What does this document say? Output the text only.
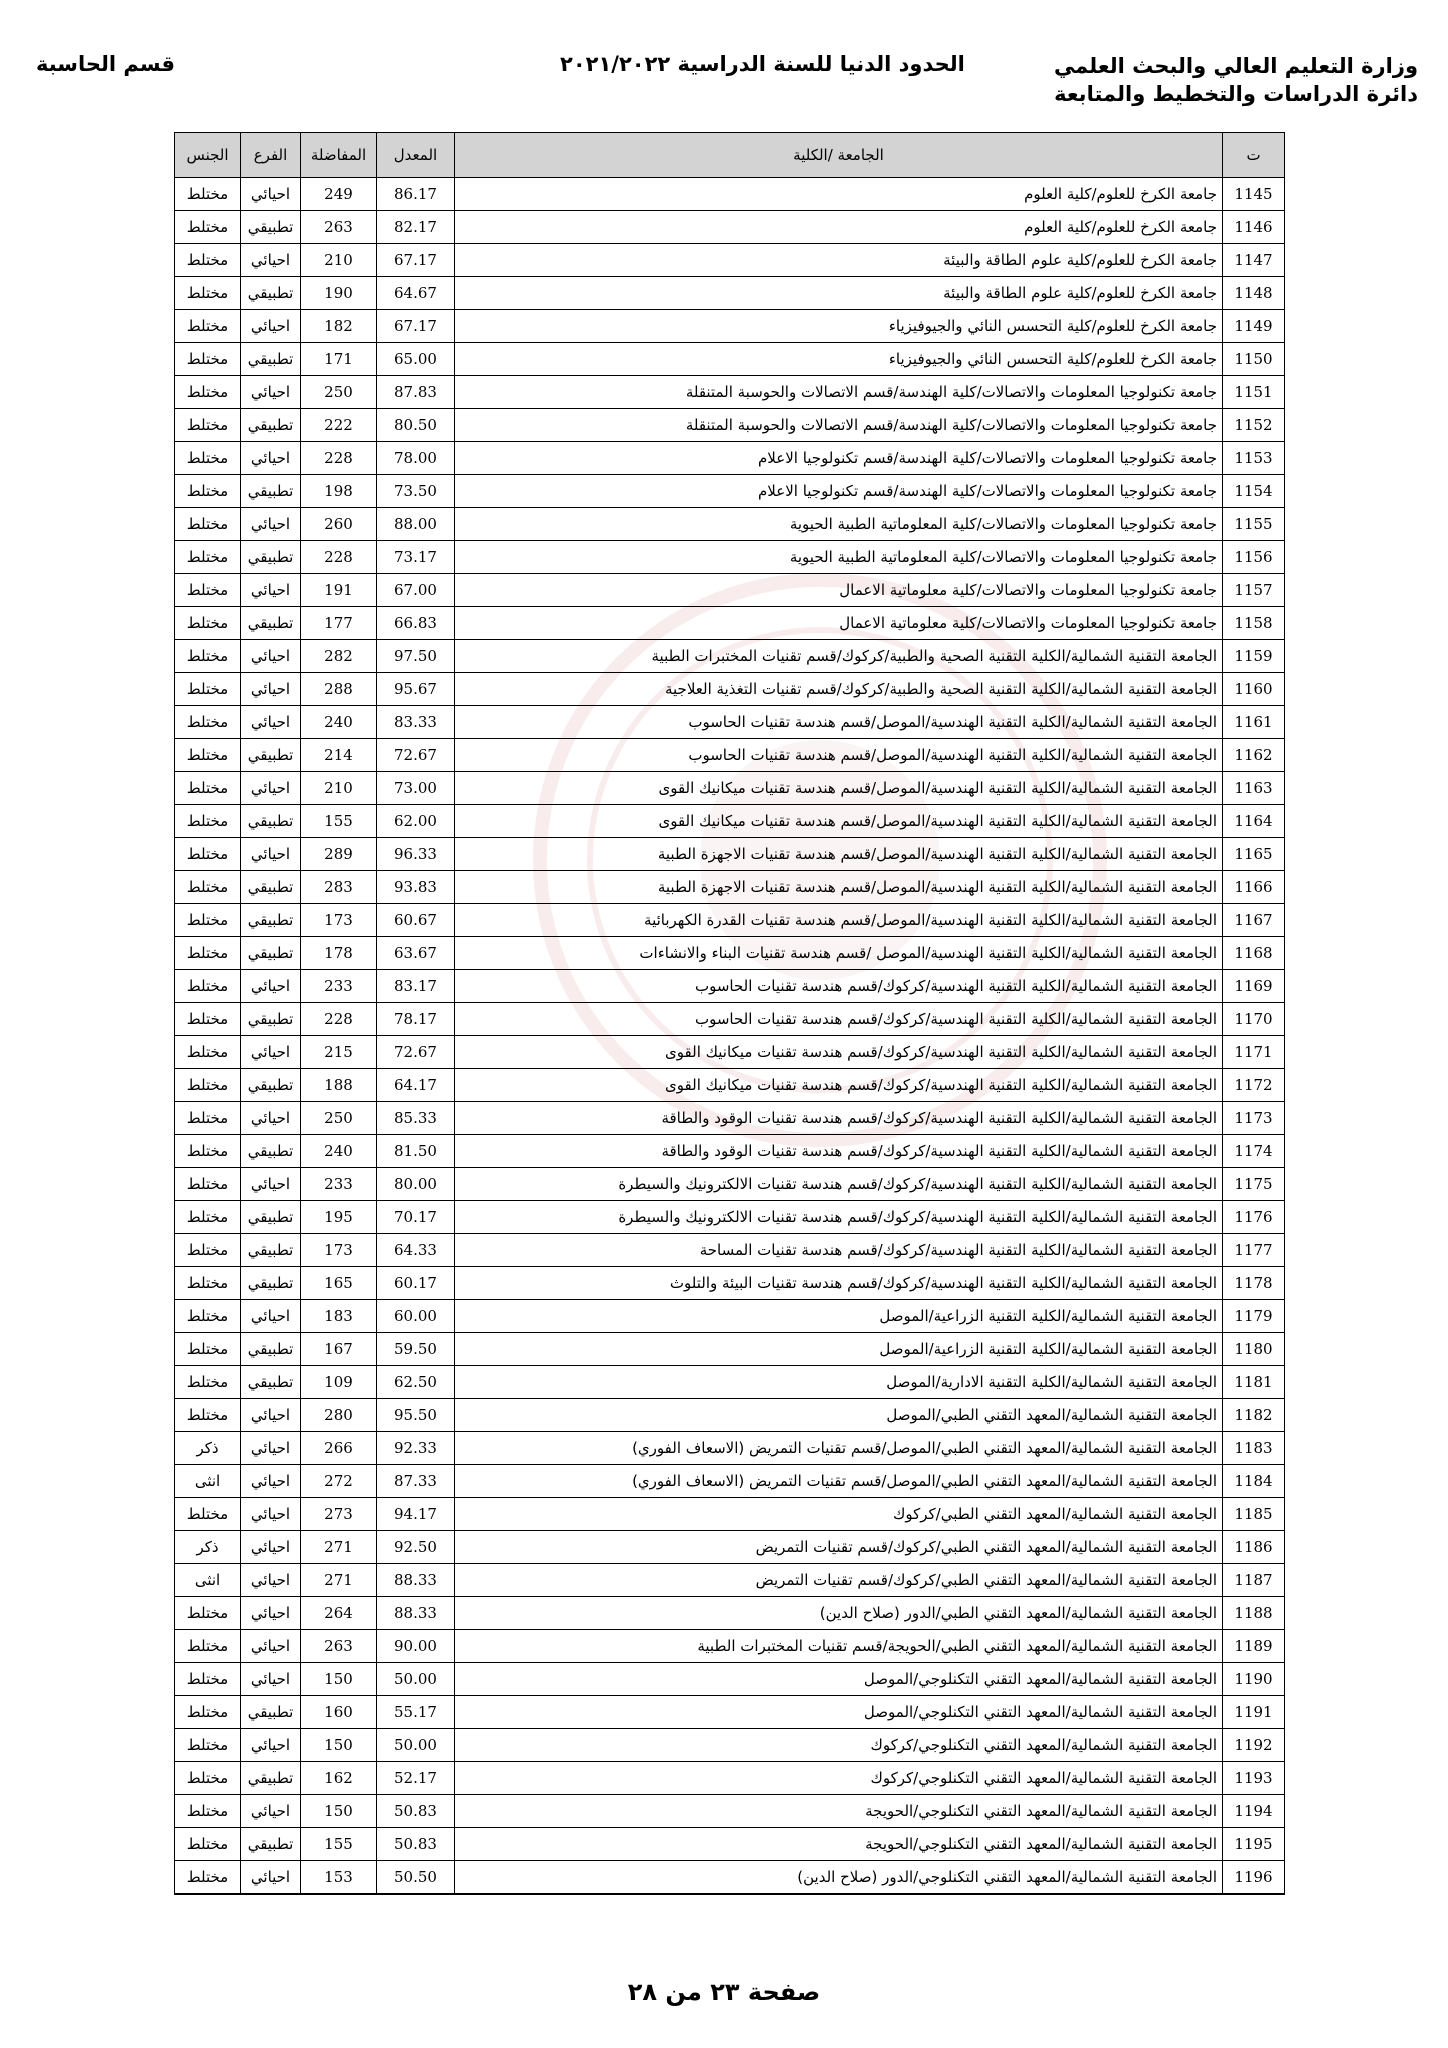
وزارة التعليم العالي والبحث العلمي
دائرة الدراسات والتخطيط والمتابعة
الحدود الدنيا للسنة الدراسية ٢٠٢١/٢٠٢٢
قسم الحاسبة
ت	الجامعة /الكلية	المعدل	المفاضلة	الفرع	الجنس
1145	جامعة الكرخ للعلوم/كلية العلوم	86.17	249	احيائي	مختلط
1146	جامعة الكرخ للعلوم/كلية العلوم	82.17	263	تطبيقي	مختلط
1147	جامعة الكرخ للعلوم/كلية علوم الطاقة والبيئة	67.17	210	احيائي	مختلط
1148	جامعة الكرخ للعلوم/كلية علوم الطاقة والبيئة	64.67	190	تطبيقي	مختلط
1149	جامعة الكرخ للعلوم/كلية التحسس النائي والجيوفيزياء	67.17	182	احيائي	مختلط
1150	جامعة الكرخ للعلوم/كلية التحسس النائي والجيوفيزياء	65.00	171	تطبيقي	مختلط
1151	جامعة تكنولوجيا المعلومات والاتصالات/كلية الهندسة/قسم الاتصالات والحوسبة المتنقلة	87.83	250	احيائي	مختلط
1152	جامعة تكنولوجيا المعلومات والاتصالات/كلية الهندسة/قسم الاتصالات والحوسبة المتنقلة	80.50	222	تطبيقي	مختلط
1153	جامعة تكنولوجيا المعلومات والاتصالات/كلية الهندسة/قسم تكنولوجيا الاعلام	78.00	228	احيائي	مختلط
1154	جامعة تكنولوجيا المعلومات والاتصالات/كلية الهندسة/قسم تكنولوجيا الاعلام	73.50	198	تطبيقي	مختلط
1155	جامعة تكنولوجيا المعلومات والاتصالات/كلية المعلوماتية الطبية الحيوية	88.00	260	احيائي	مختلط
1156	جامعة تكنولوجيا المعلومات والاتصالات/كلية المعلوماتية الطبية الحيوية	73.17	228	تطبيقي	مختلط
1157	جامعة تكنولوجيا المعلومات والاتصالات/كلية معلوماتية الاعمال	67.00	191	احيائي	مختلط
1158	جامعة تكنولوجيا المعلومات والاتصالات/كلية معلوماتية الاعمال	66.83	177	تطبيقي	مختلط
1159	الجامعة التقنية الشمالية/الكلية التقنية الصحية والطبية/كركوك/قسم تقنيات المختبرات الطبية	97.50	282	احيائي	مختلط
1160	الجامعة التقنية الشمالية/الكلية التقنية الصحية والطبية/كركوك/قسم تقنيات التغذية العلاجية	95.67	288	احيائي	مختلط
1161	الجامعة التقنية الشمالية/الكلية التقنية الهندسية/الموصل/قسم هندسة تقنيات الحاسوب	83.33	240	احيائي	مختلط
1162	الجامعة التقنية الشمالية/الكلية التقنية الهندسية/الموصل/قسم هندسة تقنيات الحاسوب	72.67	214	تطبيقي	مختلط
1163	الجامعة التقنية الشمالية/الكلية التقنية الهندسية/الموصل/قسم هندسة تقنيات ميكانيك القوى	73.00	210	احيائي	مختلط
1164	الجامعة التقنية الشمالية/الكلية التقنية الهندسية/الموصل/قسم هندسة تقنيات ميكانيك القوى	62.00	155	تطبيقي	مختلط
1165	الجامعة التقنية الشمالية/الكلية التقنية الهندسية/الموصل/قسم هندسة تقنيات الاجهزة الطبية	96.33	289	احيائي	مختلط
1166	الجامعة التقنية الشمالية/الكلية التقنية الهندسية/الموصل/قسم هندسة تقنيات الاجهزة الطبية	93.83	283	تطبيقي	مختلط
1167	الجامعة التقنية الشمالية/الكلية التقنية الهندسية/الموصل/قسم هندسة تقنيات القدرة الكهربائية	60.67	173	تطبيقي	مختلط
1168	الجامعة التقنية الشمالية/الكلية التقنية الهندسية/الموصل /قسم هندسة تقنيات البناء والانشاءات	63.67	178	تطبيقي	مختلط
1169	الجامعة التقنية الشمالية/الكلية التقنية الهندسية/كركوك/قسم هندسة تقنيات الحاسوب	83.17	233	احيائي	مختلط
1170	الجامعة التقنية الشمالية/الكلية التقنية الهندسية/كركوك/قسم هندسة تقنيات الحاسوب	78.17	228	تطبيقي	مختلط
1171	الجامعة التقنية الشمالية/الكلية التقنية الهندسية/كركوك/قسم هندسة تقنيات ميكانيك القوى	72.67	215	احيائي	مختلط
1172	الجامعة التقنية الشمالية/الكلية التقنية الهندسية/كركوك/قسم هندسة تقنيات ميكانيك القوى	64.17	188	تطبيقي	مختلط
1173	الجامعة التقنية الشمالية/الكلية التقنية الهندسية/كركوك/قسم هندسة تقنيات الوقود والطاقة	85.33	250	احيائي	مختلط
1174	الجامعة التقنية الشمالية/الكلية التقنية الهندسية/كركوك/قسم هندسة تقنيات الوقود والطاقة	81.50	240	تطبيقي	مختلط
1175	الجامعة التقنية الشمالية/الكلية التقنية الهندسية/كركوك/قسم هندسة تقنيات الالكترونيك والسيطرة	80.00	233	احيائي	مختلط
1176	الجامعة التقنية الشمالية/الكلية التقنية الهندسية/كركوك/قسم هندسة تقنيات الالكترونيك والسيطرة	70.17	195	تطبيقي	مختلط
1177	الجامعة التقنية الشمالية/الكلية التقنية الهندسية/كركوك/قسم هندسة تقنيات المساحة	64.33	173	تطبيقي	مختلط
1178	الجامعة التقنية الشمالية/الكلية التقنية الهندسية/كركوك/قسم هندسة تقنيات البيئة والتلوث	60.17	165	تطبيقي	مختلط
1179	الجامعة التقنية الشمالية/الكلية التقنية الزراعية/الموصل	60.00	183	احيائي	مختلط
1180	الجامعة التقنية الشمالية/الكلية التقنية الزراعية/الموصل	59.50	167	تطبيقي	مختلط
1181	الجامعة التقنية الشمالية/الكلية التقنية الادارية/الموصل	62.50	109	تطبيقي	مختلط
1182	الجامعة التقنية الشمالية/المعهد التقني الطبي/الموصل	95.50	280	احيائي	مختلط
1183	الجامعة التقنية الشمالية/المعهد التقني الطبي/الموصل/قسم تقنيات التمريض (الاسعاف الفوري)	92.33	266	احيائي	ذكر
1184	الجامعة التقنية الشمالية/المعهد التقني الطبي/الموصل/قسم تقنيات التمريض (الاسعاف الفوري)	87.33	272	احيائي	انثى
1185	الجامعة التقنية الشمالية/المعهد التقني الطبي/كركوك	94.17	273	احيائي	مختلط
1186	الجامعة التقنية الشمالية/المعهد التقني الطبي/كركوك/قسم تقنيات التمريض	92.50	271	احيائي	ذكر
1187	الجامعة التقنية الشمالية/المعهد التقني الطبي/كركوك/قسم تقنيات التمريض	88.33	271	احيائي	انثى
1188	الجامعة التقنية الشمالية/المعهد التقني الطبي/الدور (صلاح الدين)	88.33	264	احيائي	مختلط
1189	الجامعة التقنية الشمالية/المعهد التقني الطبي/الحويجة/قسم تقنيات المختبرات الطبية	90.00	263	احيائي	مختلط
1190	الجامعة التقنية الشمالية/المعهد التقني التكنلوجي/الموصل	50.00	150	احيائي	مختلط
1191	الجامعة التقنية الشمالية/المعهد التقني التكنلوجي/الموصل	55.17	160	تطبيقي	مختلط
1192	الجامعة التقنية الشمالية/المعهد التقني التكنلوجي/كركوك	50.00	150	احيائي	مختلط
1193	الجامعة التقنية الشمالية/المعهد التقني التكنلوجي/كركوك	52.17	162	تطبيقي	مختلط
1194	الجامعة التقنية الشمالية/المعهد التقني التكنلوجي/الحويجة	50.83	150	احيائي	مختلط
1195	الجامعة التقنية الشمالية/المعهد التقني التكنلوجي/الحويجة	50.83	155	تطبيقي	مختلط
1196	الجامعة التقنية الشمالية/المعهد التقني التكنلوجي/الدور (صلاح الدين)	50.50	153	احيائي	مختلط
صفحة ٢٣ من ٢٨
